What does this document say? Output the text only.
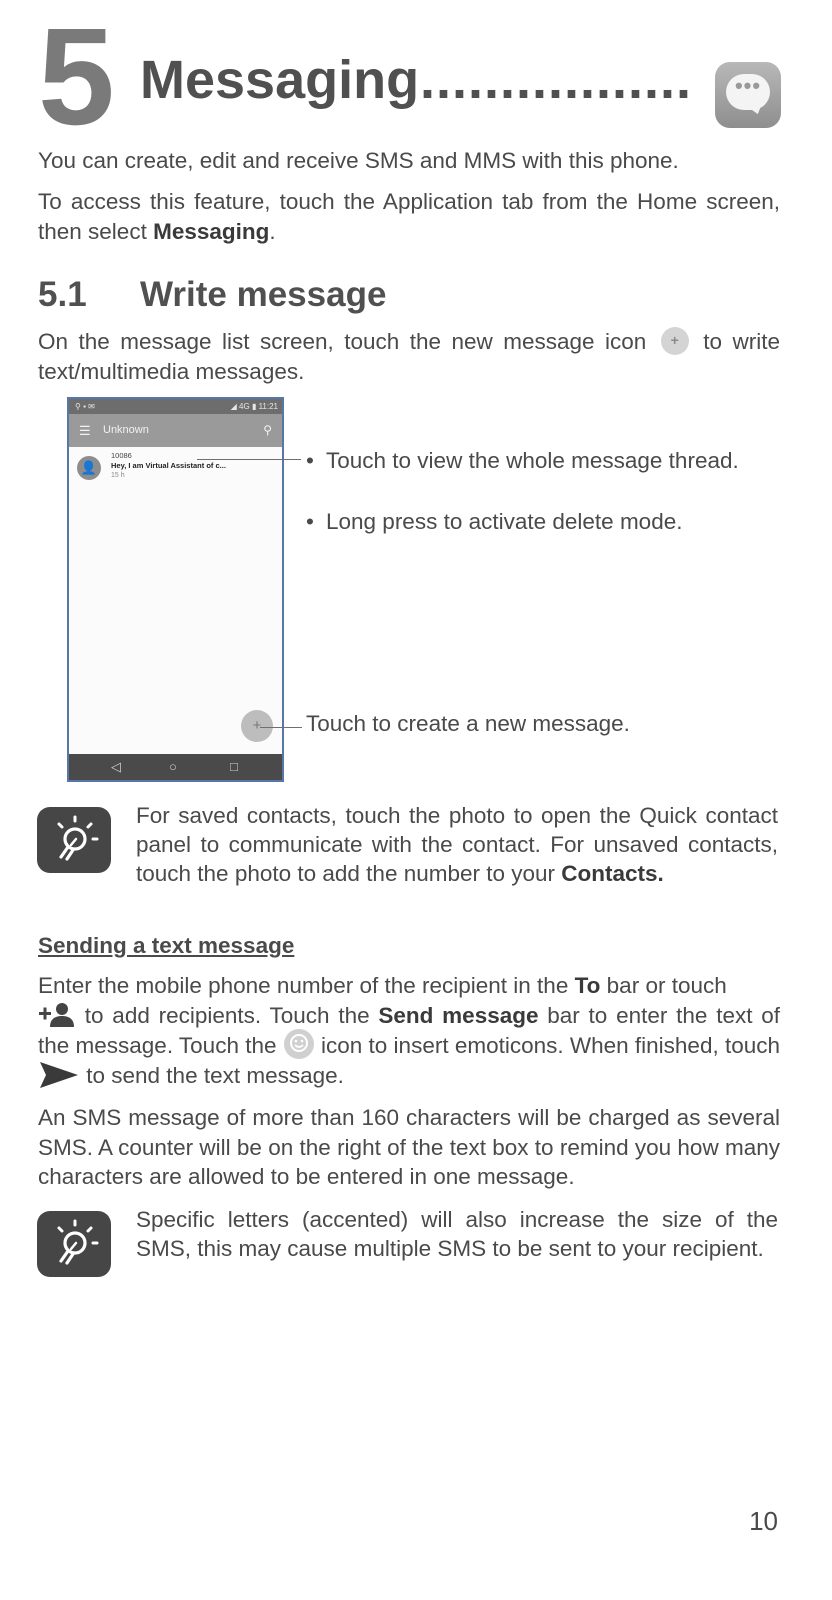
5 Messaging .................	•••

You can create, edit and receive SMS and MMS with this phone.

To access this feature, touch the Application tab from the Home screen, then select Messaging.

5.1 Write message

On the message list screen, touch the new message icon + to write text/multimedia messages.

⚲ ▪ ✉	◢ 4G ▮ 11:21
☰ Unknown	⚲
👤
10086
Hey, I am Virtual Assistant of c...
15 h
+
◁	○	□
• Touch to view the whole message thread.
• Long press to activate delete mode.
Touch to create a new message.

For saved contacts, touch the photo to open the Quick contact panel to communicate with the contact. For unsaved contacts, touch the photo to add the number to your Contacts.

Sending a text message

Enter the mobile phone number of the recipient in the To bar or touch
to add recipients. Touch the Send message bar to enter the text of the message. Touch the  icon to insert emoticons. When finished, touch  to send the text message.

An SMS message of more than 160 characters will be charged as several SMS. A counter will be on the right of the text box to remind you how many characters are allowed to be entered in one message.

Specific letters (accented) will also increase the size of the SMS, this may cause multiple SMS to be sent to your recipient.

10
